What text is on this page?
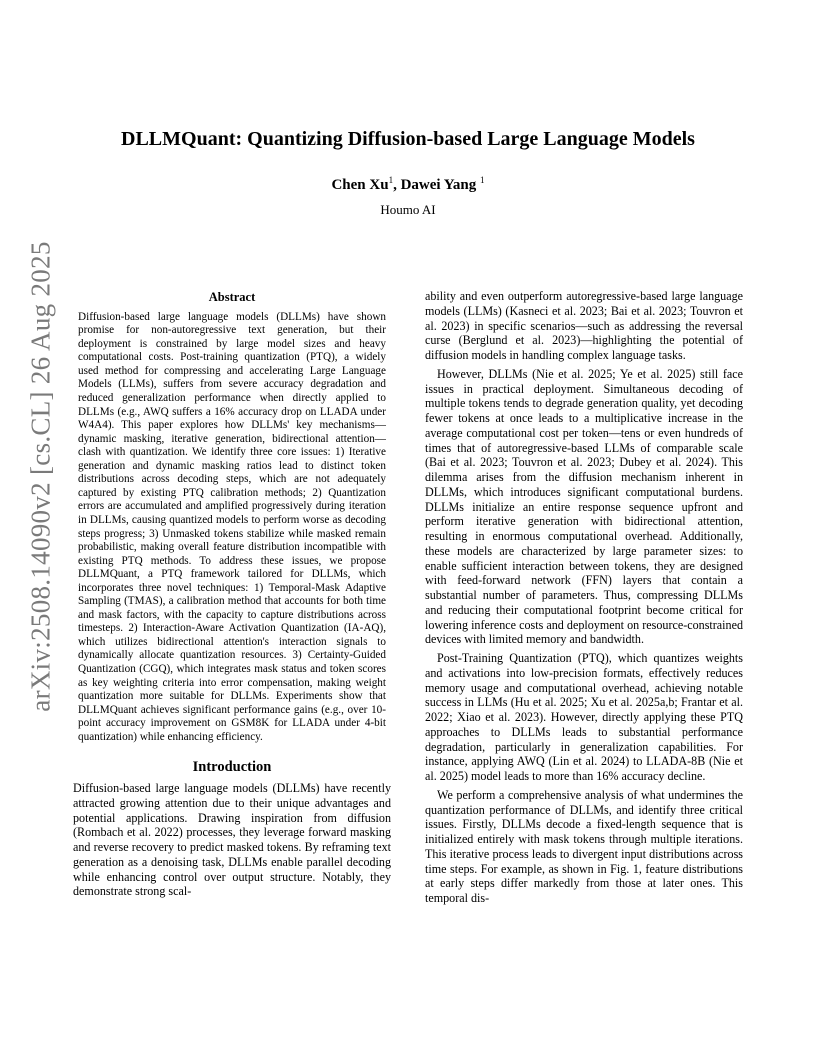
arXiv:2508.14090v2 [cs.CL] 26 Aug 2025
DLLMQuant: Quantizing Diffusion-based Large Language Models
Chen Xu$^1$, Dawei Yang $^1$
Houmo AI
Abstract

Diffusion-based large language models (DLLMs) have shown promise for non-autoregressive text generation, but their deployment is constrained by large model sizes and heavy computational costs. Post-training quantization (PTQ), a widely used method for compressing and accelerating Large Language Models (LLMs), suffers from severe accuracy degradation and reduced generalization performance when directly applied to DLLMs (e.g., AWQ suffers a 16% accuracy drop on LLADA under W4A4). This paper explores how DLLMs' key mechanisms—dynamic masking, iterative generation, bidirectional attention—clash with quantization. We identify three core issues: 1) Iterative generation and dynamic masking ratios lead to distinct token distributions across decoding steps, which are not adequately captured by existing PTQ calibration methods; 2) Quantization errors are accumulated and amplified progressively during iteration in DLLMs, causing quantized models to perform worse as decoding steps progress; 3) Unmasked tokens stabilize while masked remain probabilistic, making overall feature distribution incompatible with existing PTQ methods. To address these issues, we propose DLLMQuant, a PTQ framework tailored for DLLMs, which incorporates three novel techniques: 1) Temporal-Mask Adaptive Sampling (TMAS), a calibration method that accounts for both time and mask factors, with the capacity to capture distributions across timesteps. 2) Interaction-Aware Activation Quantization (IA-AQ), which utilizes bidirectional attention's interaction signals to dynamically allocate quantization resources. 3) Certainty-Guided Quantization (CGQ), which integrates mask status and token scores as key weighting criteria into error compensation, making weight quantization more suitable for DLLMs. Experiments show that DLLMQuant achieves significant performance gains (e.g., over 10-point accuracy improvement on GSM8K for LLADA under 4-bit quantization) while enhancing efficiency.

Introduction

Diffusion-based large language models (DLLMs) have recently attracted growing attention due to their unique advantages and potential applications. Drawing inspiration from diffusion (Rombach et al. 2022) processes, they leverage forward masking and reverse recovery to predict masked tokens. By reframing text generation as a denoising task, DLLMs enable parallel decoding while enhancing control over output structure. Notably, they demonstrate strong scal-

ability and even outperform autoregressive-based large language models (LLMs) (Kasneci et al. 2023; Bai et al. 2023; Touvron et al. 2023) in specific scenarios—such as addressing the reversal curse (Berglund et al. 2023)—highlighting the potential of diffusion models in handling complex language tasks.

However, DLLMs (Nie et al. 2025; Ye et al. 2025) still face issues in practical deployment. Simultaneous decoding of multiple tokens tends to degrade generation quality, yet decoding fewer tokens at once leads to a multiplicative increase in the average computational cost per token—tens or even hundreds of times that of autoregressive-based LLMs of comparable scale (Bai et al. 2023; Touvron et al. 2023; Dubey et al. 2024). This dilemma arises from the diffusion mechanism inherent in DLLMs, which introduces significant computational burdens. DLLMs initialize an entire response sequence upfront and perform iterative generation with bidirectional attention, resulting in enormous computational overhead. Additionally, these models are characterized by large parameter sizes: to enable sufficient interaction between tokens, they are designed with feed-forward network (FFN) layers that contain a substantial number of parameters. Thus, compressing DLLMs and reducing their computational footprint become critical for lowering inference costs and deployment on resource-constrained devices with limited memory and bandwidth.

Post-Training Quantization (PTQ), which quantizes weights and activations into low-precision formats, effectively reduces memory usage and computational overhead, achieving notable success in LLMs (Hu et al. 2025; Xu et al. 2025a,b; Frantar et al. 2022; Xiao et al. 2023). However, directly applying these PTQ approaches to DLLMs leads to substantial performance degradation, particularly in generalization capabilities. For instance, applying AWQ (Lin et al. 2024) to LLADA-8B (Nie et al. 2025) model leads to more than 16% accuracy decline.

We perform a comprehensive analysis of what undermines the quantization performance of DLLMs, and identify three critical issues. Firstly, DLLMs decode a fixed-length sequence that is initialized entirely with mask tokens through multiple iterations. This iterative process leads to divergent input distributions across time steps. For example, as shown in Fig. 1, feature distributions at early steps differ markedly from those at later ones. This temporal dis-
